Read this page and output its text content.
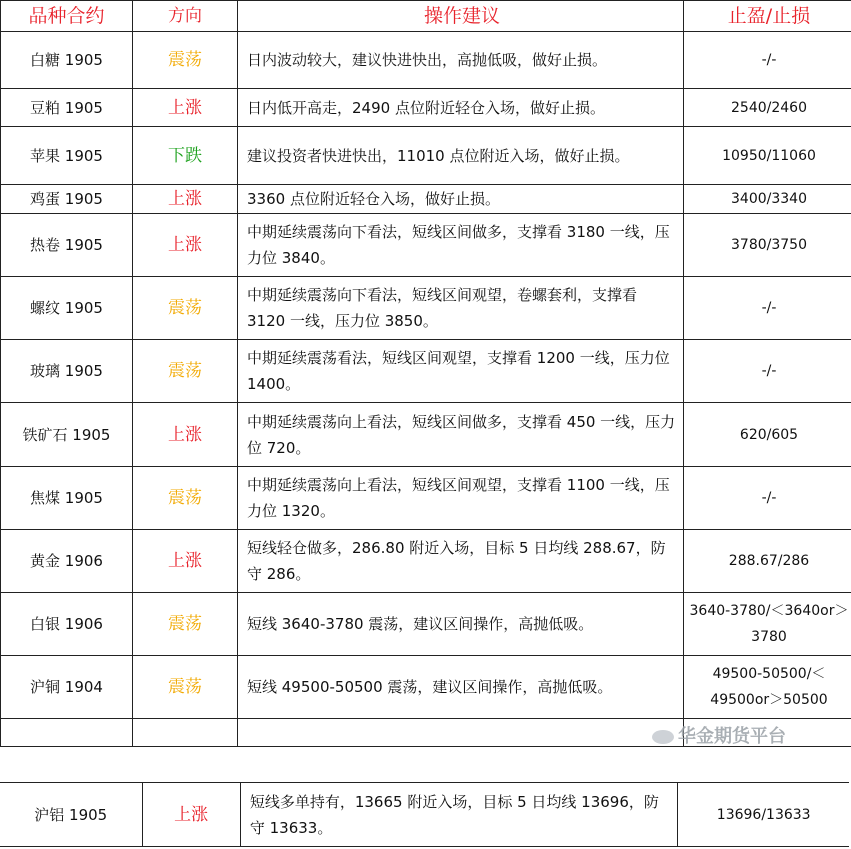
品种合约	方向	操作建议	止盈/止损
白糖 1905	震荡	日内波动较大，建议快进快出，高抛低吸，做好止损。	-/-
豆粕 1905	上涨	日内低开高走，2490 点位附近轻仓入场，做好止损。	2540/2460
苹果 1905	下跌	建议投资者快进快出，11010 点位附近入场，做好止损。	10950/11060
鸡蛋 1905	上涨	3360 点位附近轻仓入场，做好止损。	3400/3340
热卷 1905	上涨	中期延续震荡向下看法，短线区间做多，支撑看 3180 一线，压力位 3840。	3780/3750
螺纹 1905	震荡	中期延续震荡向下看法，短线区间观望，卷螺套利，支撑看 3120 一线，压力位 3850。	-/-
玻璃 1905	震荡	中期延续震荡看法，短线区间观望，支撑看 1200 一线，压力位 1400。	-/-
铁矿石 1905	上涨	中期延续震荡向上看法，短线区间做多，支撑看 450 一线，压力位 720。	620/605
焦煤 1905	震荡	中期延续震荡向上看法，短线区间观望，支撑看 1100 一线，压力位 1320。	-/-
黄金 1906	上涨	短线轻仓做多，286.80 附近入场，目标 5 日均线 288.67，防守 286。	288.67/286
白银 1906	震荡	短线 3640-3780 震荡，建议区间操作，高抛低吸。	3640-3780/＜3640or＞3780
沪铜 1904	震荡	短线 49500-50500 震荡，建议区间操作，高抛低吸。	49500-50500/＜49500or＞50500

沪铝 1905	上涨	短线多单持有，13665 附近入场，目标 5 日均线 13696，防守 13633。	13696/13633
华金期货平台
